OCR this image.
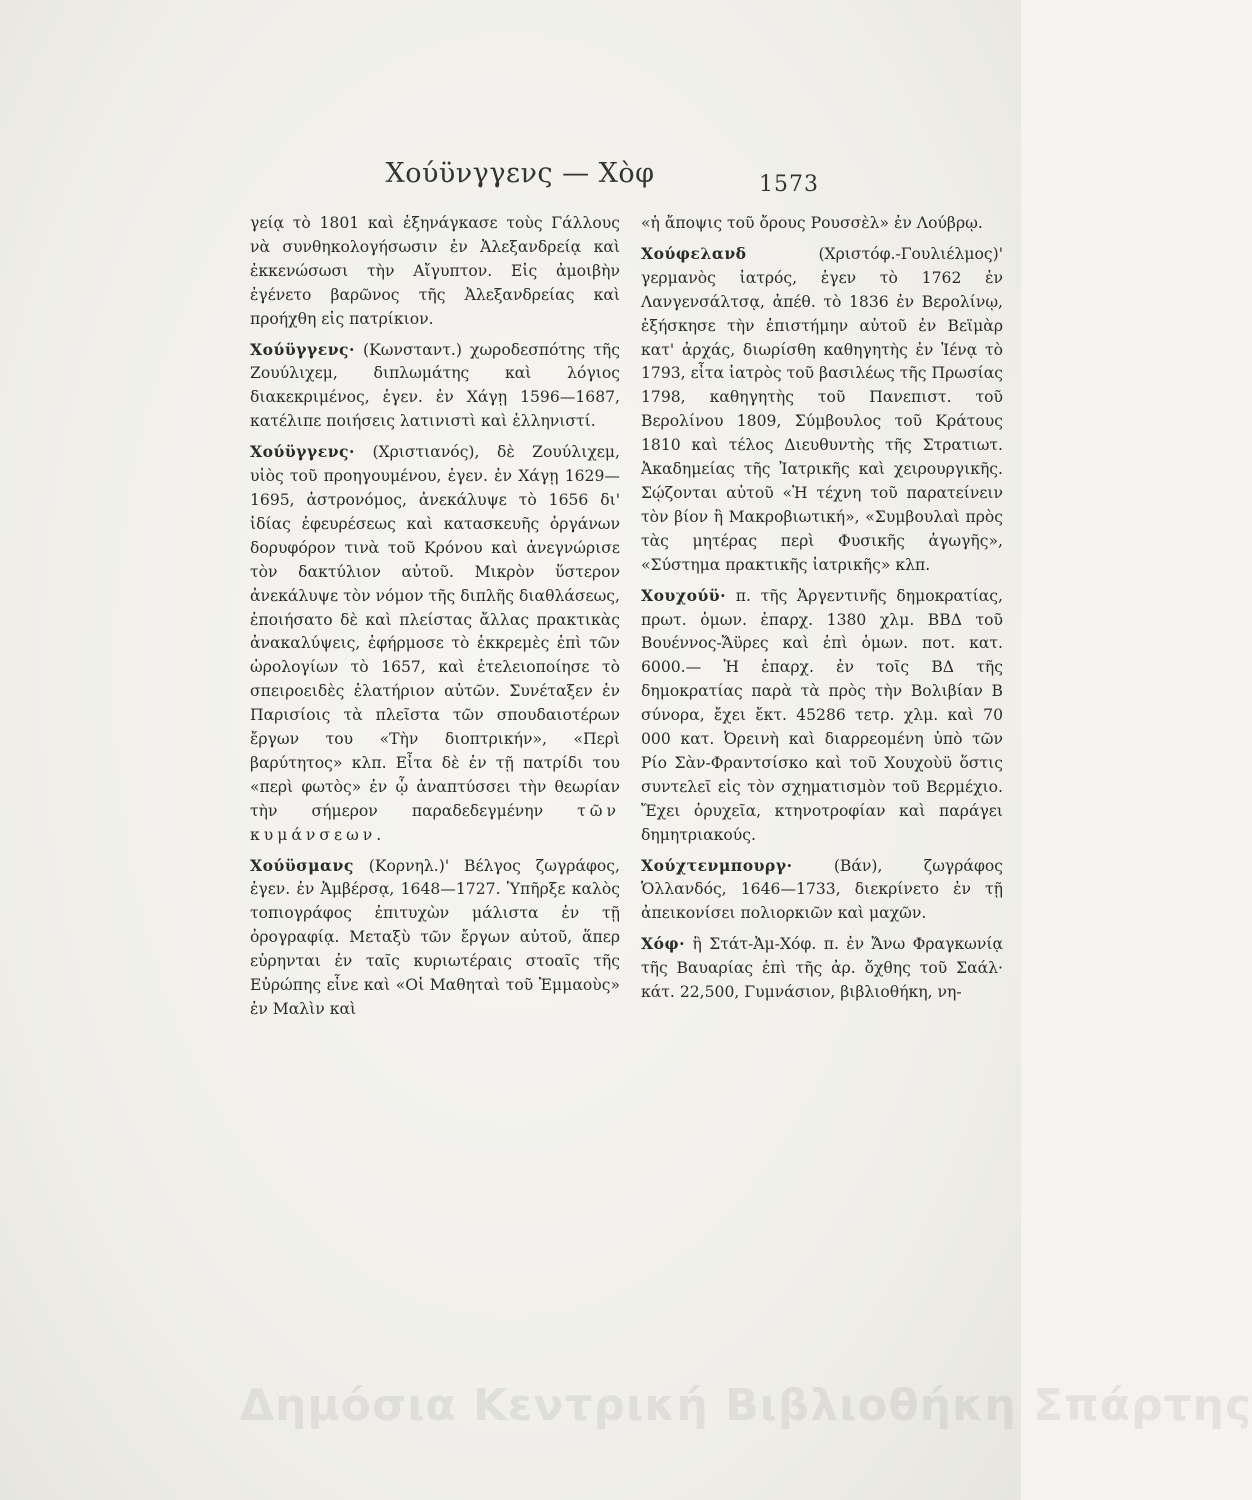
Χούϋνγγενς — Χὸφ	1573

γείᾳ τὸ 1801 καὶ ἐξηνάγκασε τοὺς Γάλλους νὰ συνθηκολογήσωσιν ἐν Ἀλεξανδρείᾳ καὶ ἐκκενώσωσι τὴν Αἴγυπτον. Εἰς ἀμοιβὴν ἐγένετο βαρῶνος τῆς Ἀλεξανδρείας καὶ προήχθη εἰς πατρίκιον.

Χούϋγγενς· (Κωνσταντ.) χωροδεσπότης τῆς Ζουύλιχεμ, διπλωμάτης καὶ λόγιος διακεκριμένος, ἐγεν. ἐν Χάγῃ 1596—1687, κατέλιπε ποιήσεις λατινιστὶ καὶ ἑλληνιστί.

Χούϋγγενς· (Χριστιανός), δὲ Ζουύλιχεμ, υἱὸς τοῦ προηγουμένου, ἐγεν. ἐν Χάγῃ 1629—1695, ἀστρονόμος, ἀνεκάλυψε τὸ 1656 δι' ἰδίας ἐφευρέσεως καὶ κατασκευῆς ὀργάνων δορυφόρον τινὰ τοῦ Κρόνου καὶ ἀνεγνώρισε τὸν δακτύλιον αὐτοῦ. Μικρὸν ὕστερον ἀνεκάλυψε τὸν νόμον τῆς διπλῆς διαθλάσεως, ἐποιήσατο δὲ καὶ πλείστας ἄλλας πρακτικὰς ἀνακαλύψεις, ἐφήρμοσε τὸ ἐκκρεμὲς ἐπὶ τῶν ὡρολογίων τὸ 1657, καὶ ἐτελειοποίησε τὸ σπειροειδὲς ἐλατήριον αὐτῶν. Συνέταξεν ἐν Παρισίοις τὰ πλεῖστα τῶν σπουδαιοτέρων ἔργων του «Τὴν διοπτρικήν», «Περὶ βαρύτητος» κλπ. Εἶτα δὲ ἐν τῇ πατρίδι του «περὶ φωτὸς» ἐν ᾧ ἀναπτύσσει τὴν θεωρίαν τὴν σήμερον παραδεδεγμένην τῶν κυμάνσεων.

Χούϋσμανς (Κορνηλ.)' Βέλγος ζωγράφος, ἐγεν. ἐν Ἀμβέρσᾳ, 1648—1727. Ὑπῆρξε καλὸς τοπιογράφος ἐπιτυχὼν μάλιστα ἐν τῇ ὀρογραφίᾳ. Μεταξὺ τῶν ἔργων αὐτοῦ, ἅπερ εὑρηνται ἐν ταῖς κυριωτέραις στοαῖς τῆς Εὐρώπης εἶνε καὶ «Οἱ Μαθηταὶ τοῦ Ἐμμαοὺς» ἐν Μαλὶν καὶ

«ἡ ἄποψις τοῦ ὄρους Ρουσσὲλ» ἐν Λούβρῳ.

Χούφελανδ	(Χριστόφ.-Γουλιέλμος)' γερμανὸς ἰατρός, ἐγεν τὸ 1762 ἐν Λανγενσάλτσᾳ, ἀπέθ. τὸ 1836 ἐν Βερολίνῳ, ἐξήσκησε τὴν ἐπιστήμην αὐτοῦ ἐν Βεϊμὰρ κατ' ἀρχάς, διωρίσθη καθηγητὴς ἐν Ἰένᾳ τὸ 1793, εἶτα ἰατρὸς τοῦ βασιλέως τῆς Πρωσίας 1798, καθηγητὴς τοῦ Πανεπιστ. τοῦ Βερολίνου 1809, Σύμβουλος τοῦ Κράτους 1810 καὶ τέλος Διευθυντὴς τῆς Στρατιωτ. Ἀκαδημείας τῆς Ἰατρικῆς καὶ χειρουργικῆς. Σῴζονται αὐτοῦ «Ἡ τέχνη τοῦ παρατείνειν τὸν βίον ἢ Μακροβιωτική», «Συμβουλαὶ πρὸς τὰς μητέρας περὶ Φυσικῆς ἀγωγῆς», «Σύστημα πρακτικῆς ἰατρικῆς» κλπ.

Χουχούϋ· π. τῆς Ἀργεντινῆς δημοκρατίας, πρωτ. ὁμων. ἐπαρχ. 1380 χλμ. ΒΒΔ τοῦ Βουέννος-Ἄϋρες καὶ ἐπὶ ὁμων. ποτ. κατ. 6000.— Ἡ ἐπαρχ. ἐν τοῖς ΒΔ τῆς δημοκρατίας παρὰ τὰ πρὸς τὴν Βολιβίαν Β σύνορα, ἔχει ἔκτ. 45286 τετρ. χλμ. καὶ 70 000 κατ. Ὀρεινὴ καὶ διαρρεομένη ὑπὸ τῶν Ρίο Σὰν-Φραντσίσκο καὶ τοῦ Χουχοὺϋ ὅστις συντελεῖ εἰς τὸν σχηματισμὸν τοῦ Βερμέχιο. Ἔχει ὀρυχεῖα, κτηνοτροφίαν καὶ παράγει δημητριακούς.

Χούχτενμπουργ·	(Βάν), ζωγράφος Ὁλλανδός, 1646—1733, διεκρίνετο ἐν τῇ ἀπεικονίσει πολιορκιῶν καὶ μαχῶν.

Χόφ· ἢ Στάτ-Ἀμ-Χόφ. π. ἐν Ἄνω Φραγκωνίᾳ τῆς Βαυαρίας ἐπὶ τῆς ἀρ. ὄχθης τοῦ Σαάλ· κάτ. 22,500, Γυμνάσιον, βιβλιοθήκη, νη-

Δημόσια Κεντρική Βιβλιοθήκη Σπάρτης
